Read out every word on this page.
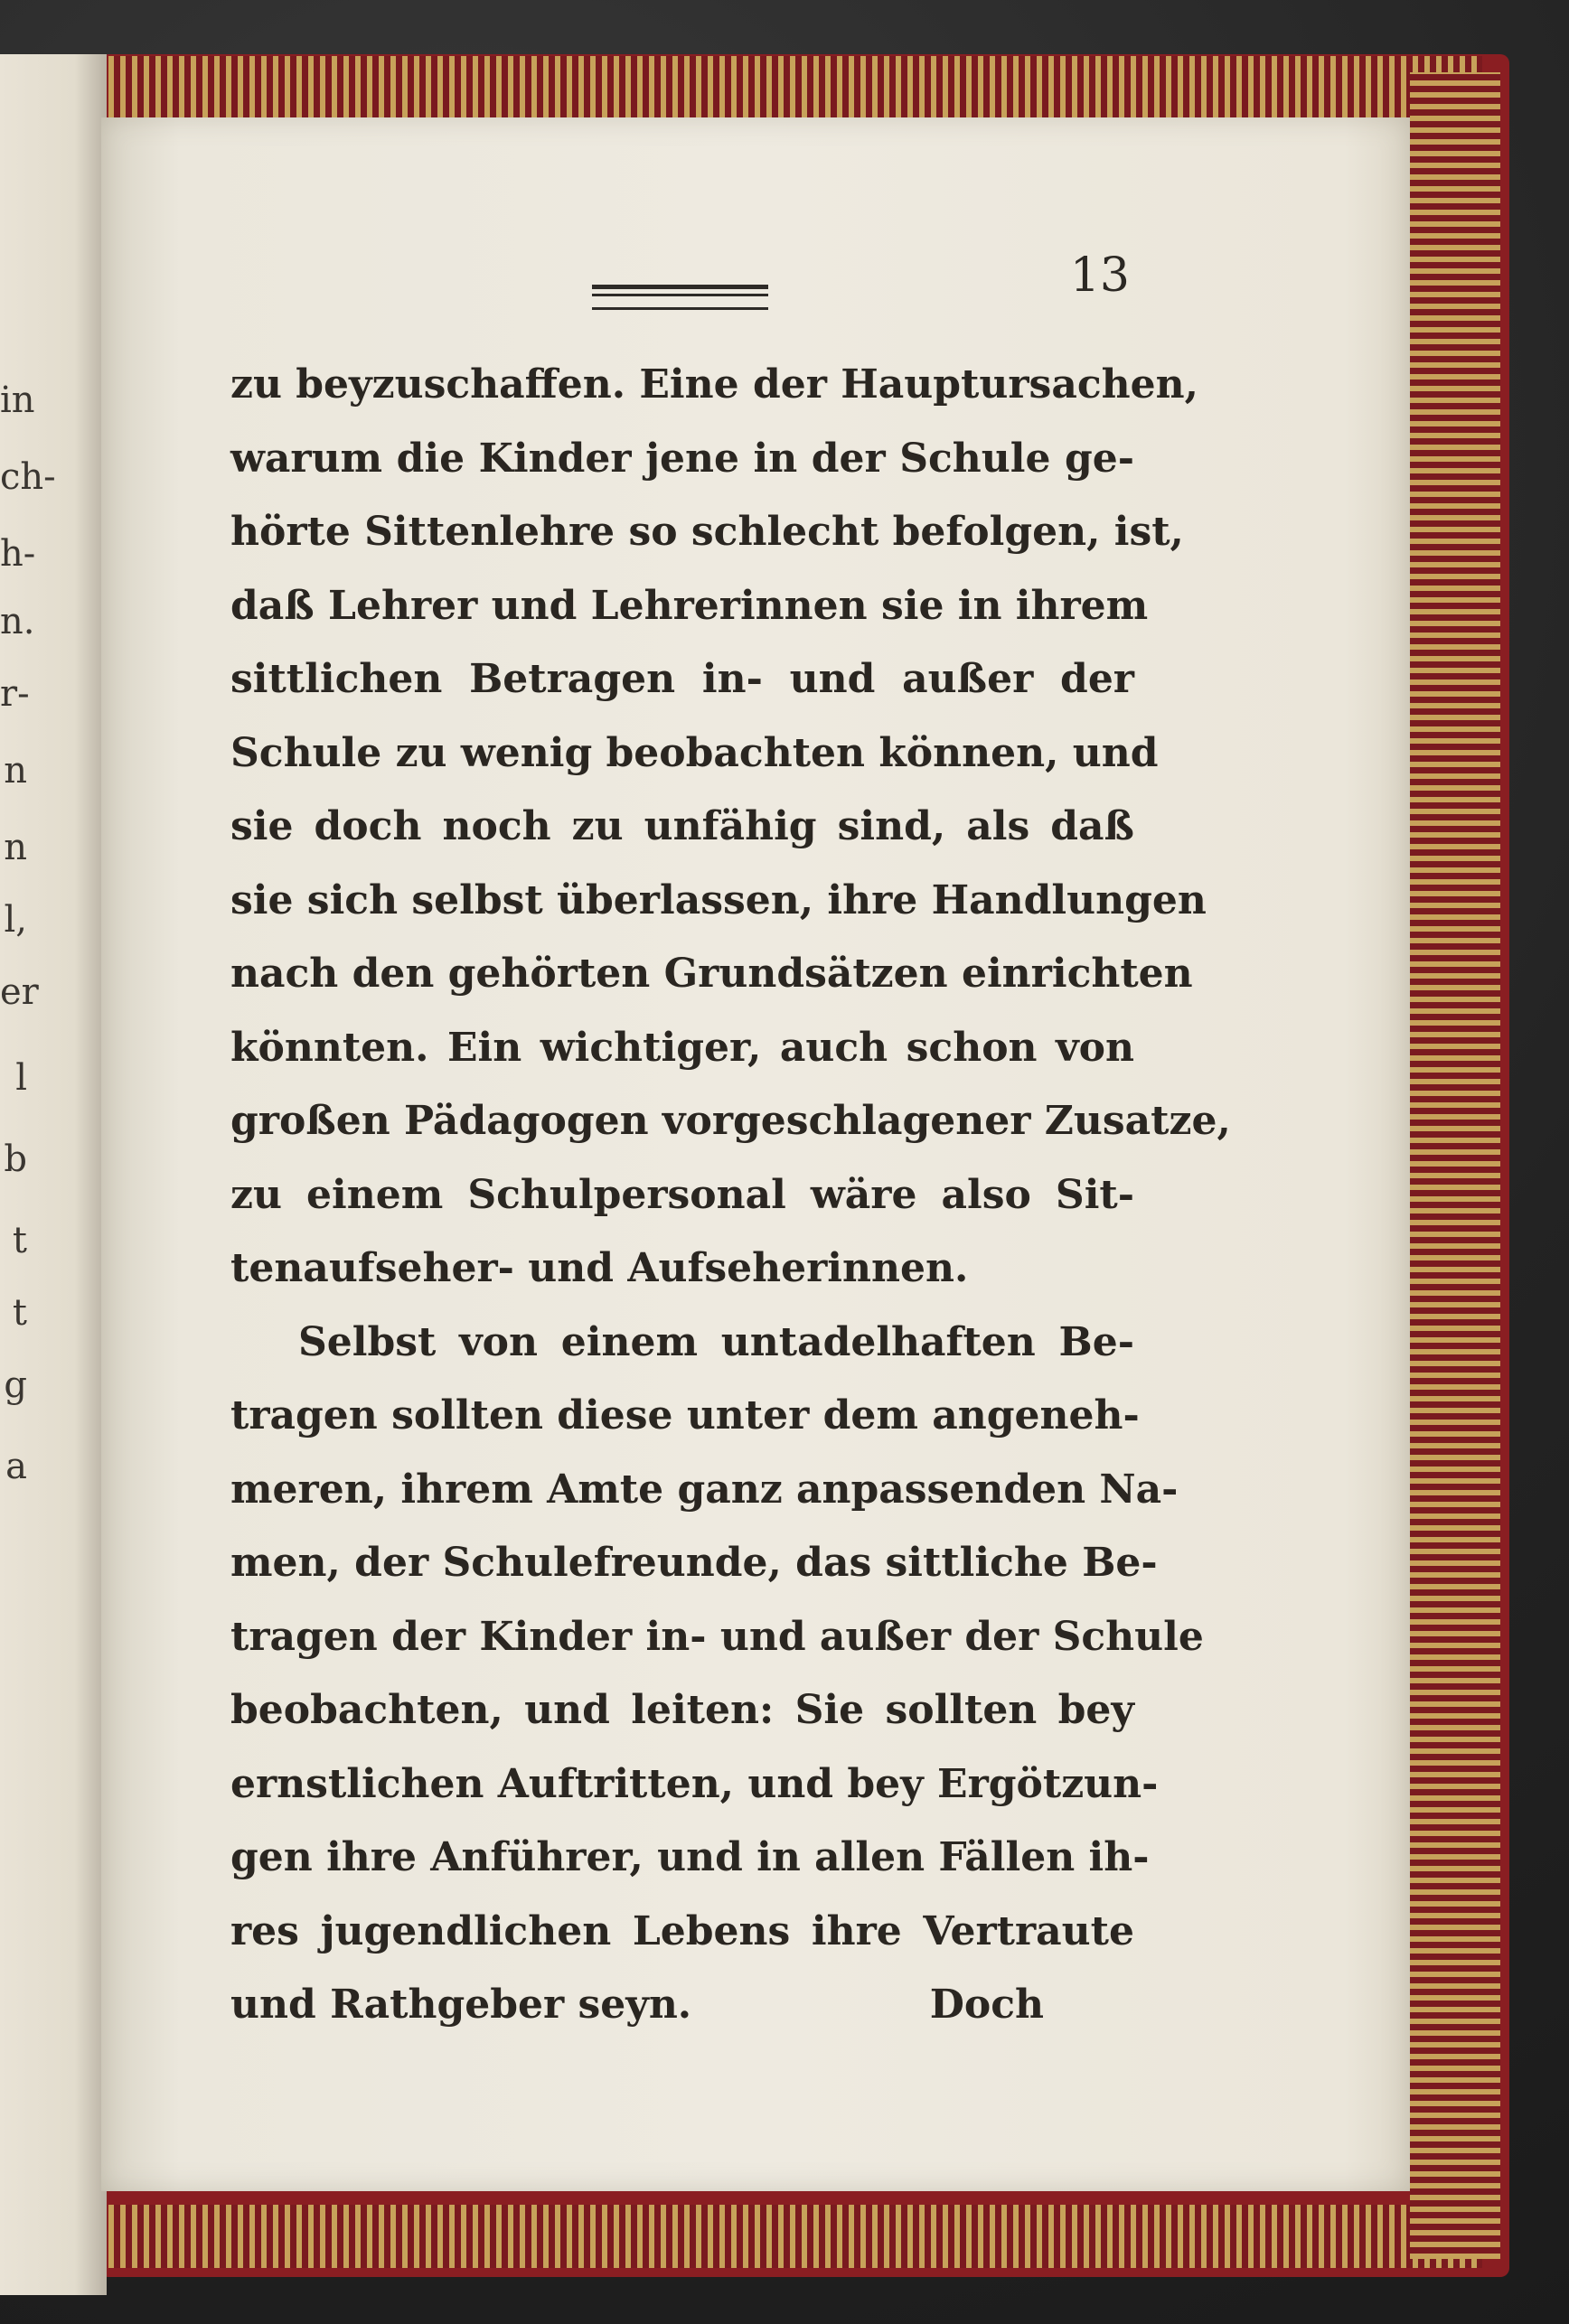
in
ch-
h-
n.
r-
n
n
l,
er
l
b
t
t
g
a
13
zu beyzuschaffen. Eine der Hauptursachen,
warum die Kinder jene in der Schule ge-
hörte Sittenlehre so schlecht befolgen, ist,
daß Lehrer und Lehrerinnen sie in ihrem
sittlichen Betragen in- und außer der
Schule zu wenig beobachten können, und
sie doch noch zu unfähig sind, als daß
sie sich selbst überlassen, ihre Handlungen
nach den gehörten Grundsätzen einrichten
könnten. Ein wichtiger, auch schon von
großen Pädagogen vorgeschlagener Zusatze,
zu einem Schulpersonal wäre also Sit-
tenaufseher- und Aufseherinnen.
Selbst von einem untadelhaften Be-
tragen sollten diese unter dem angeneh-
meren, ihrem Amte ganz anpassenden Na-
men, der Schulefreunde, das sittliche Be-
tragen der Kinder in- und außer der Schule
beobachten, und leiten: Sie sollten bey
ernstlichen Auftritten, und bey Ergötzun-
gen ihre Anführer, und in allen Fällen ih-
res jugendlichen Lebens ihre Vertraute
und Rathgeber seyn.	Doch
